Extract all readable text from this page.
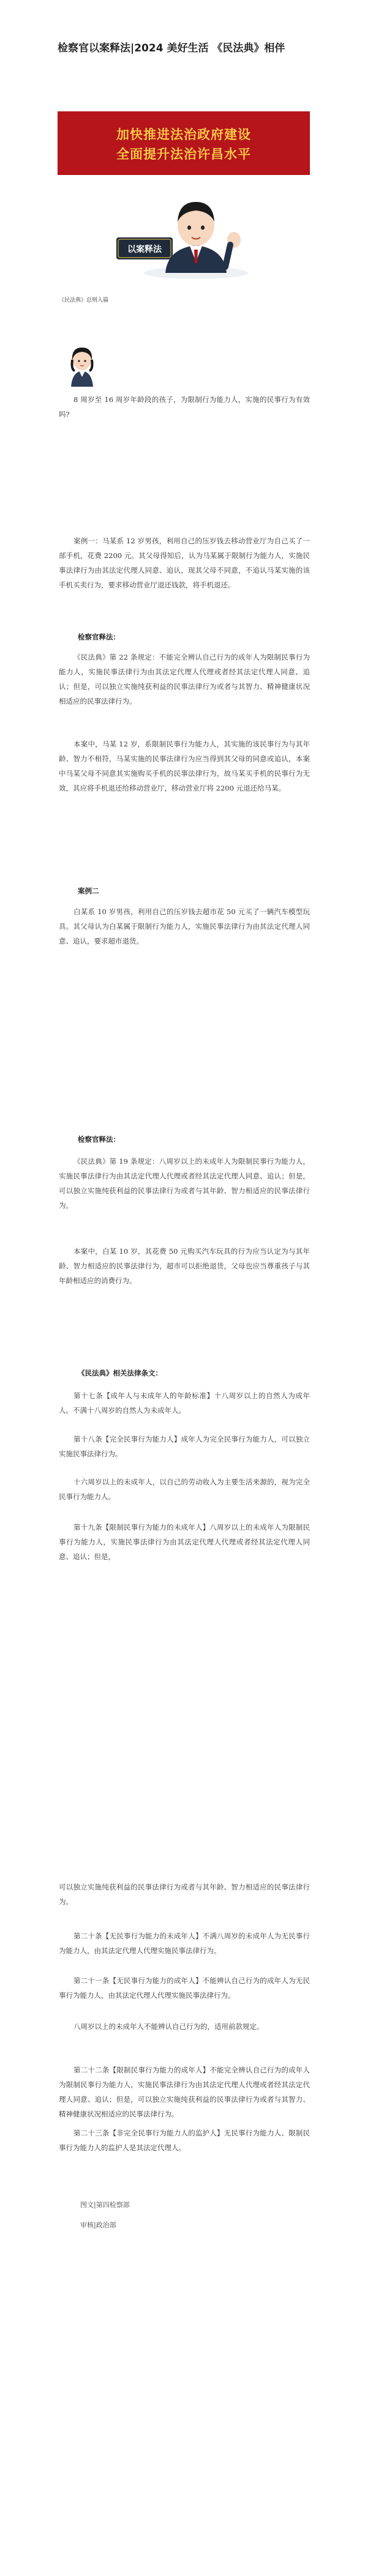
检察官以案释法|2024 美好生活 《民法典》相伴
加快推进法治政府建设
全面提升法治许昌水平
以案释法
《民法典》总则入篇

8 周岁至 16 周岁年龄段的孩子，为限制行为能力人，实施的民事行为有效吗?

案例一：马某系 12 岁男孩，利用自己的压岁钱去移动营业厅为自己买了一部手机，花费 2200 元。其父母得知后，认为马某属于限制行为能力人，实施民事法律行为由其法定代理人同意、追认，现其父母不同意，不追认马某实施的该手机买卖行为，要求移动营业厅退还钱款，将手机退还。

检察官释法：

《民法典》第 22 条规定：不能完全辨认自己行为的成年人为限制民事行为能力人，实施民事法律行为由其法定代理人代理或者经其法定代理人同意、追认；但是，可以独立实施纯获利益的民事法律行为或者与其智力、精神健康状况相适应的民事法律行为。

本案中，马某 12 岁，系限制民事行为能力人，其实施的该民事行为与其年龄、智力不相符，马某实施的民事法律行为应当得到其父母的同意或追认，本案中马某父母不同意其实施购买手机的民事法律行为，故马某买手机的民事行为无效，其应将手机退还给移动营业厅，移动营业厅将 2200 元退还给马某。

案例二

白某系 10 岁男孩，利用自己的压岁钱去超市花 50 元买了一辆汽车模型玩具。其父母认为白某属于限制行为能力人，实施民事法律行为由其法定代理人同意、追认，要求超市退货。

检察官释法：

《民法典》第 19 条规定：八周岁以上的未成年人为限制民事行为能力人，实施民事法律行为由其法定代理人代理或者经其法定代理人同意、追认；但是，可以独立实施纯获利益的民事法律行为或者与其年龄、智力相适应的民事法律行为。

本案中，白某 10 岁，其花费 50 元购买汽车玩具的行为应当认定为与其年龄、智力相适应的民事法律行为，超市可以拒绝退货，父母也应当尊重孩子与其年龄相适应的消费行为。

《民法典》相关法律条文：

第十七条【成年人与未成年人的年龄标准】十八周岁以上的自然人为成年人。不满十八周岁的自然人为未成年人。

第十八条【完全民事行为能力人】成年人为完全民事行为能力人，可以独立实施民事法律行为。

十六周岁以上的未成年人，以自己的劳动收入为主要生活来源的，视为完全民事行为能力人。

第十九条【限制民事行为能力的未成年人】八周岁以上的未成年人为限制民事行为能力人，实施民事法律行为由其法定代理人代理或者经其法定代理人同意、追认；但是，

可以独立实施纯获利益的民事法律行为或者与其年龄、智力相适应的民事法律行为。

第二十条【无民事行为能力的未成年人】不满八周岁的未成年人为无民事行为能力人，由其法定代理人代理实施民事法律行为。

第二十一条【无民事行为能力的成年人】不能辨认自己行为的成年人为无民事行为能力人，由其法定代理人代理实施民事法律行为。

八周岁以上的未成年人不能辨认自己行为的，适用前款规定。

第二十二条【限制民事行为能力的成年人】不能完全辨认自己行为的成年人为限制民事行为能力人，实施民事法律行为由其法定代理人代理或者经其法定代理人同意、追认；但是，可以独立实施纯获利益的民事法律行为或者与其智力、精神健康状况相适应的民事法律行为。

第二十三条【非完全民事行为能力人的监护人】无民事行为能力人、限制民事行为能力人的监护人是其法定代理人。

图文|第四检察部
审核|政治部
